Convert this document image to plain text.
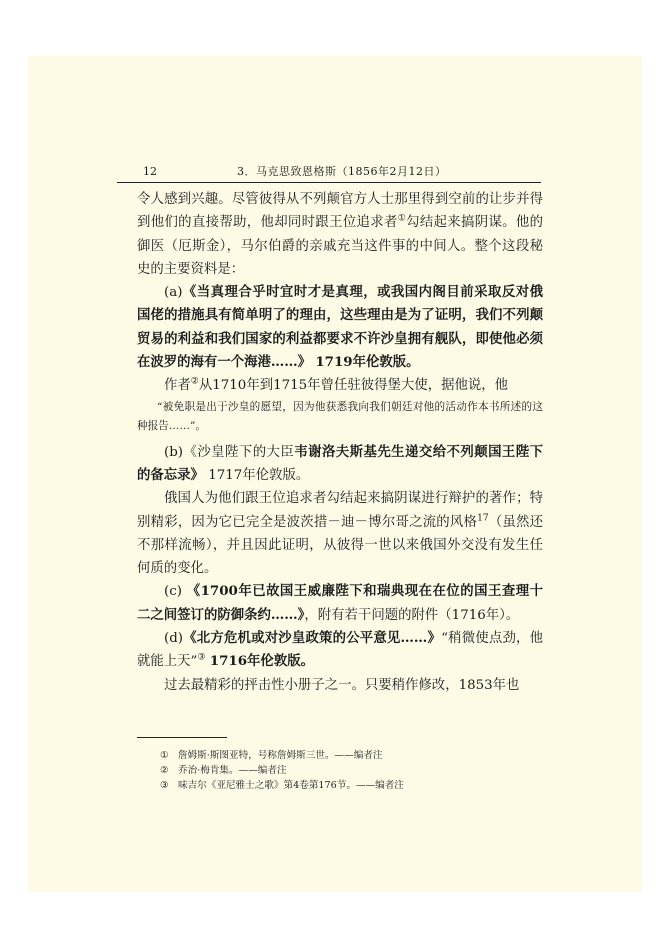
12	3．马克思致恩格斯（1856年2月12日）

令人感到兴趣。尽管彼得从不列颠官方人士那里得到空前的让步并得到他们的直接帮助，他却同时跟王位追求者①勾结起来搞阴谋。他的御医（厄斯金），马尔伯爵的亲戚充当这件事的中间人。整个这段秘史的主要资料是：

(a)《当真理合乎时宜时才是真理，或我国内阁目前采取反对俄国佬的措施具有简单明了的理由，这些理由是为了证明，我们不列颠贸易的利益和我们国家的利益都要求不许沙皇拥有舰队，即使他必须在波罗的海有一个海港……》 1719年伦敦版。

作者②从1710年到1715年曾任驻彼得堡大使，据他说，他

“被免职是出于沙皇的愿望，因为他获悉我向我们朝廷对他的活动作本书所述的这种报告……”。

(b)《沙皇陛下的大臣韦谢洛夫斯基先生递交给不列颠国王陛下的备忘录》 1717年伦敦版。

俄国人为他们跟王位追求者勾结起来搞阴谋进行辩护的著作；特别精彩，因为它已完全是波茨措－迪－博尔哥之流的风格$^{17}$（虽然还不那样流畅），并且因此证明，从彼得一世以来俄国外交没有发生任何质的变化。

(c) 《1700年已故国王威廉陛下和瑞典现在在位的国王查理十二之间签订的防御条约……》，附有若干问题的附件（1716年）。

(d)《北方危机或对沙皇政策的公平意见……》“稍微使点劲，他就能上天”③ 1716年伦敦版。

过去最精彩的抨击性小册子之一。只要稍作修改，1853年也

① 詹姆斯·斯图亚特，号称詹姆斯三世。——编者注
② 乔治·梅肯集。——编者注
③ 味吉尔《亚尼雅士之歌》第4卷第176节。——编者注
